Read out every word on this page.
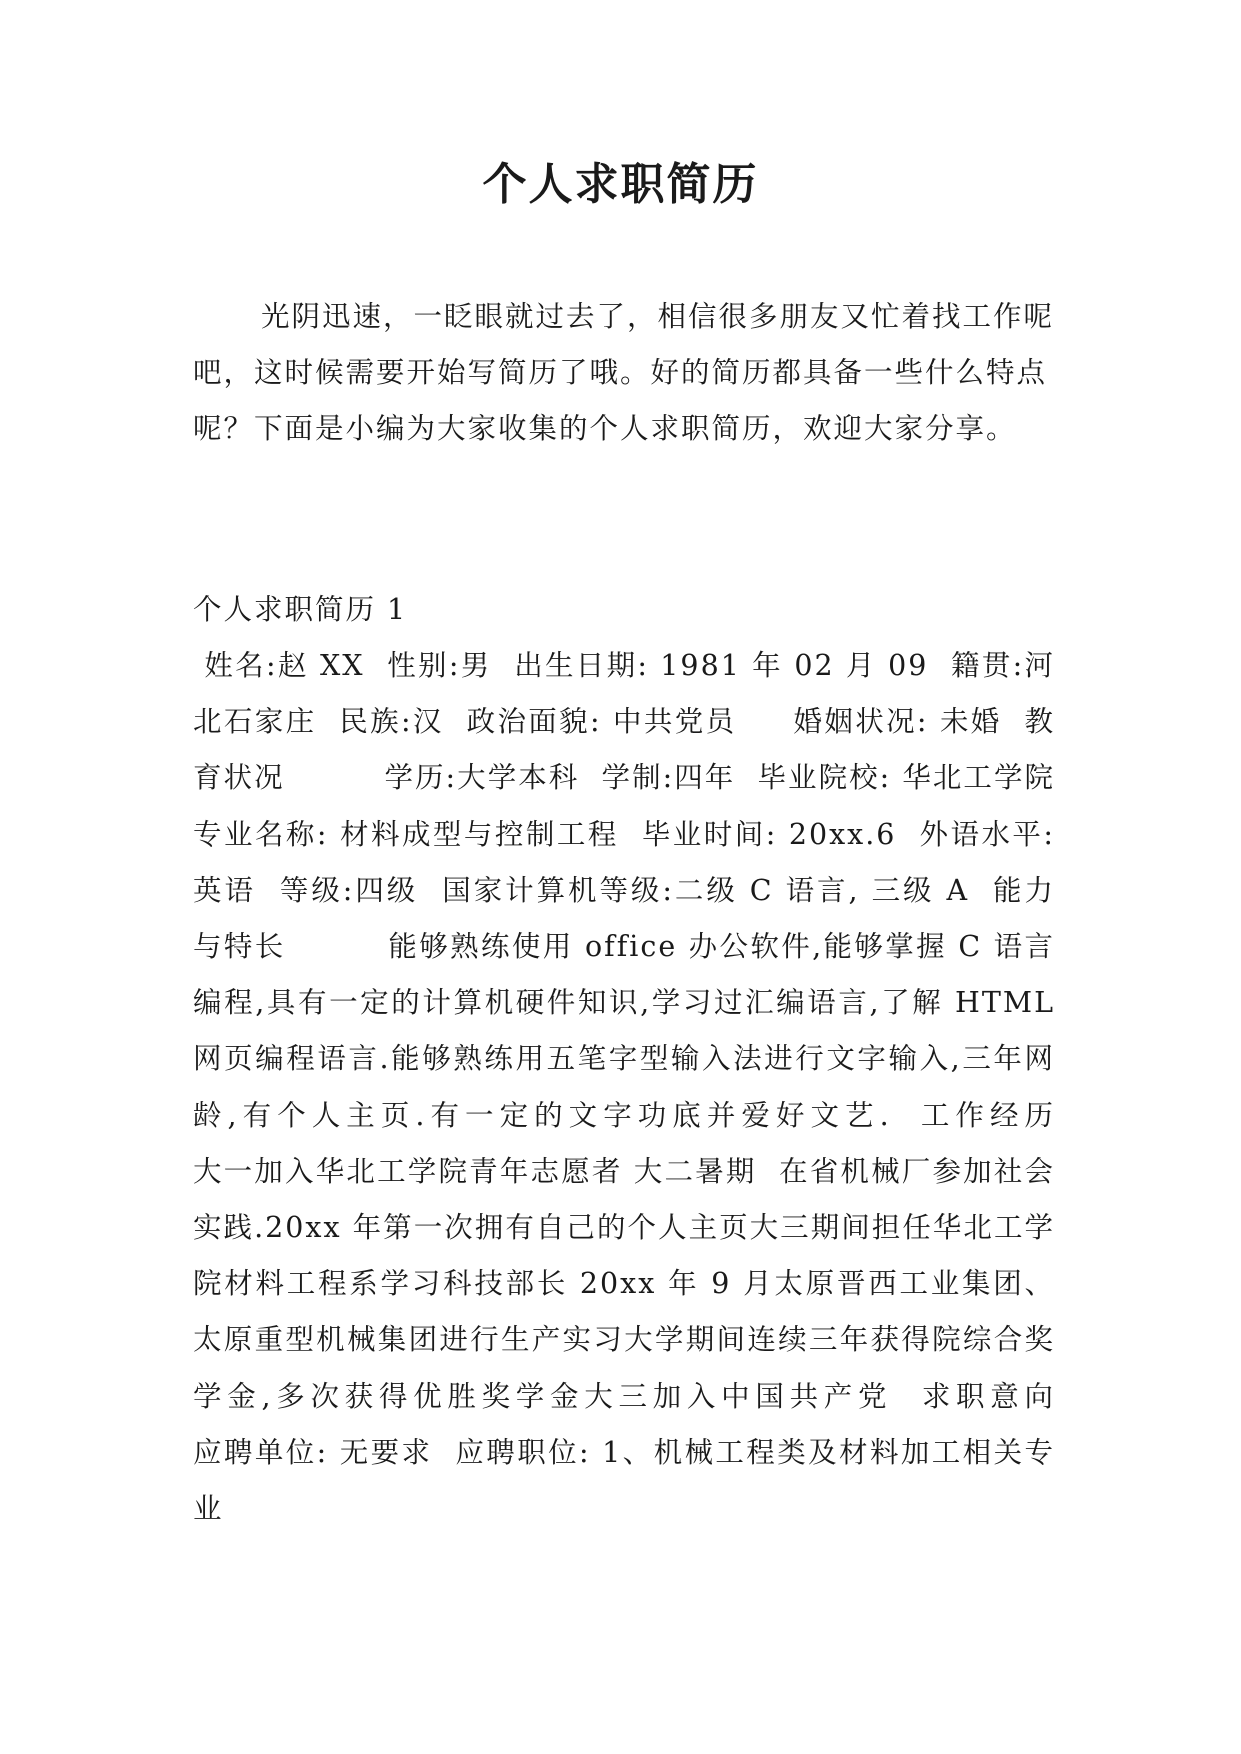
个人求职简历

光阴迅速，一眨眼就过去了，相信很多朋友又忙着找工作呢吧，这时候需要开始写简历了哦。好的简历都具备一些什么特点呢？下面是小编为大家收集的个人求职简历，欢迎大家分享。

个人求职简历 1

姓名:赵 XX  性别:男  出生日期: 1981 年 02 月 09  籍贯:河北石家庄  民族:汉  政治面貌: 中共党员     婚姻状况: 未婚  教育状况         学历:大学本科  学制:四年  毕业院校: 华北工学院  专业名称: 材料成型与控制工程  毕业时间: 20xx.6  外语水平: 英语  等级:四级  国家计算机等级:二级 C 语言, 三级 A  能力与特长         能够熟练使用 office 办公软件,能够掌握 C 语言编程,具有一定的计算机硬件知识,学习过汇编语言,了解 HTML 网页编程语言.能够熟练用五笔字型输入法进行文字输入,三年网龄,有个人主页.有一定的文字功底并爱好文艺.  工作经历         大一加入华北工学院青年志愿者 大二暑期  在省机械厂参加社会实践.20xx 年第一次拥有自己的个人主页大三期间担任华北工学院材料工程系学习科技部长 20xx 年 9 月太原晋西工业集团、太原重型机械集团进行生产实习大学期间连续三年获得院综合奖学金,多次获得优胜奖学金大三加入中国共产党  求职意向         应聘单位: 无要求  应聘职位: 1、机械工程类及材料加工相关专业
